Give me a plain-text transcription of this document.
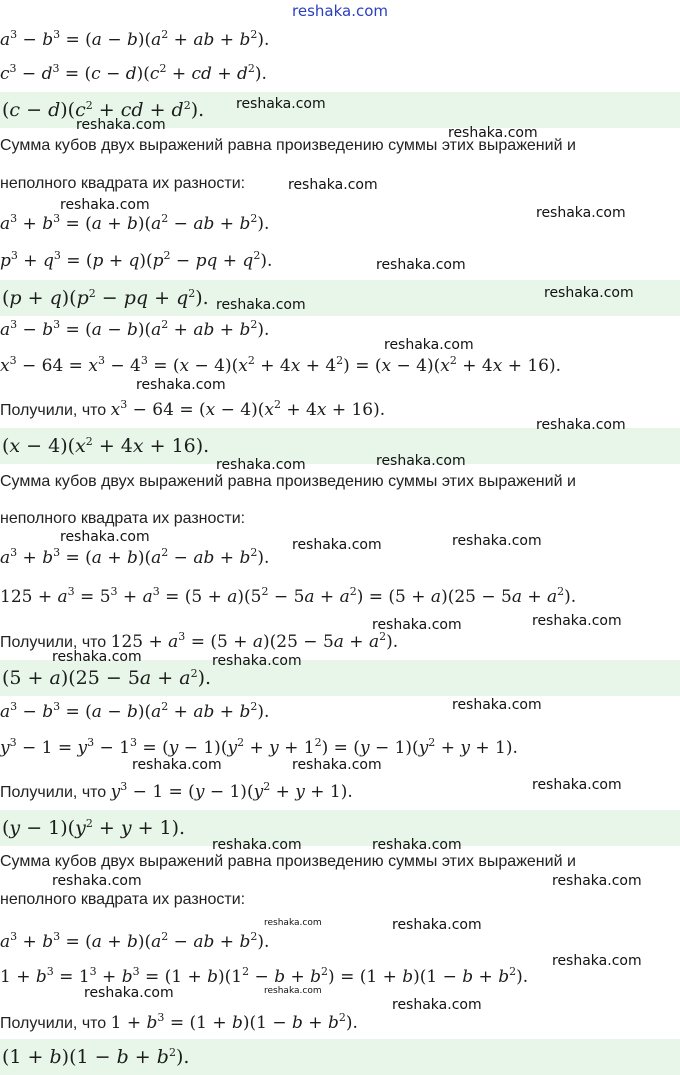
reshaka.com
$a^3 - b^3 = (a - b)(a^2$ + ab + $b^2$).
$c^3 - d^3 = (c - d)(c^2$ + cd + $d^2$).
$(c - d)(c^2$ + cd + $d^2$).
Сумма кубов двух выражений равна произведению суммы этих выражений и
неполного квадрата их разности:
$a^3 + b^3 = (a + b)(a^2$ − ab + $b^2$).
$p^3 + q^3 = (p + q)(p^2$ − pq + $q^2$).
$(p + q)(p^2$ − pq + $q^2$).
$a^3 - b^3 = (a - b)(a^2$ + ab + $b^2$).
$x^3 - 64 = x^3 - 4^3 = (x - 4)(x^2 + 4x + 4^2) = (x - 4)(x^2 + 4x + 16)$.
Получили, что $x^3 - 64 = (x - 4)(x^2 + 4x + 16)$.
$(x - 4)(x^2 + 4x + 16)$.
Сумма кубов двух выражений равна произведению суммы этих выражений и
неполного квадрата их разности:
$a^3 + b^3 = (a + b)(a^2$ − ab + $b^2$).
$125 + a^3 = 5^3 + a^3 = (5 + a)(5^2 - 5a + a^2) = (5 + a)(25 - 5a + a^2)$.
Получили, что $125 + a^3 = (5 + a)(25 - 5a + a^2)$.
$(5 + a)(25 - 5a + a^2)$.
$a^3 - b^3 = (a - b)(a^2$ + ab + $b^2$).
$y^3 - 1 = y^3 - 1^3 = (y - 1)(y^2 + y + 1^2) = (y - 1)(y^2 + y + 1)$.
Получили, что $y^3 - 1 = (y - 1)(y^2 + y + 1)$.
$(y - 1)(y^2 + y + 1)$.
Сумма кубов двух выражений равна произведению суммы этих выражений и
неполного квадрата их разности:
$a^3 + b^3 = (a + b)(a^2$ − ab + $b^2$).
$1 + b^3 = 1^3 + b^3 = (1 + b)(1^2 - b + b^2) = (1 + b)(1 - b + b^2)$.
Получили, что $1 + b^3 = (1 + b)(1 - b + b^2)$.
$(1 + b)(1 - b + b^2)$.
reshaka.com
reshaka.com	reshaka.com
reshaka.com
reshaka.com	reshaka.com
reshaka.com
reshaka.com
reshaka.com
reshaka.com
reshaka.com
reshaka.com
reshaka.com
reshaka.com
reshaka.com	reshaka.com
reshaka.com
reshaka.com
reshaka.com
reshaka.com	reshaka.com
reshaka.com
reshaka.com	reshaka.com
reshaka.com
reshaka.com	reshaka.com
reshaka.com	reshaka.com
reshaka.com	reshaka.com
reshaka.com
reshaka.com	reshaka.com
reshaka.com
